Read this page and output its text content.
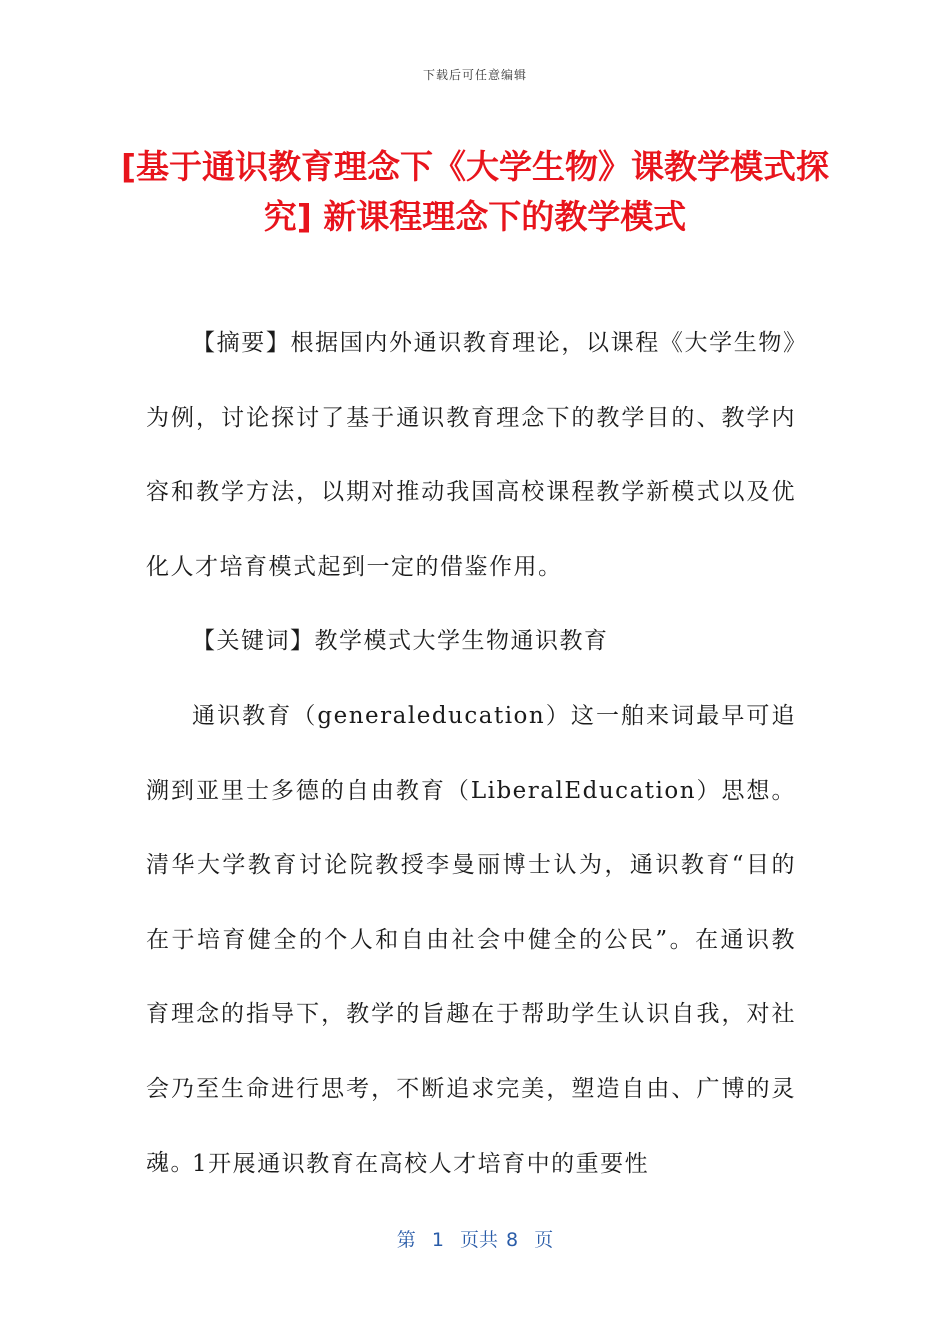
下载后可任意编辑
[基于通识教育理念下《大学生物》课教学模式探究] 新课程理念下的教学模式

【摘要】根据国内外通识教育理论，以课程《大学生物》为例，讨论探讨了基于通识教育理念下的教学目的、教学内容和教学方法，以期对推动我国高校课程教学新模式以及优化人才培育模式起到一定的借鉴作用。

【关键词】教学模式大学生物通识教育

通识教育（generaleducation）这一舶来词最早可追溯到亚里士多德的自由教育（LiberalEducation）思想。清华大学教育讨论院教授李曼丽博士认为，通识教育“目的在于培育健全的个人和自由社会中健全的公民”。在通识教育理念的指导下，教学的旨趣在于帮助学生认识自我，对社会乃至生命进行思考，不断追求完美，塑造自由、广博的灵魂。

1开展通识教育在高校人才培育中的重要性

第  1  页共 8  页
